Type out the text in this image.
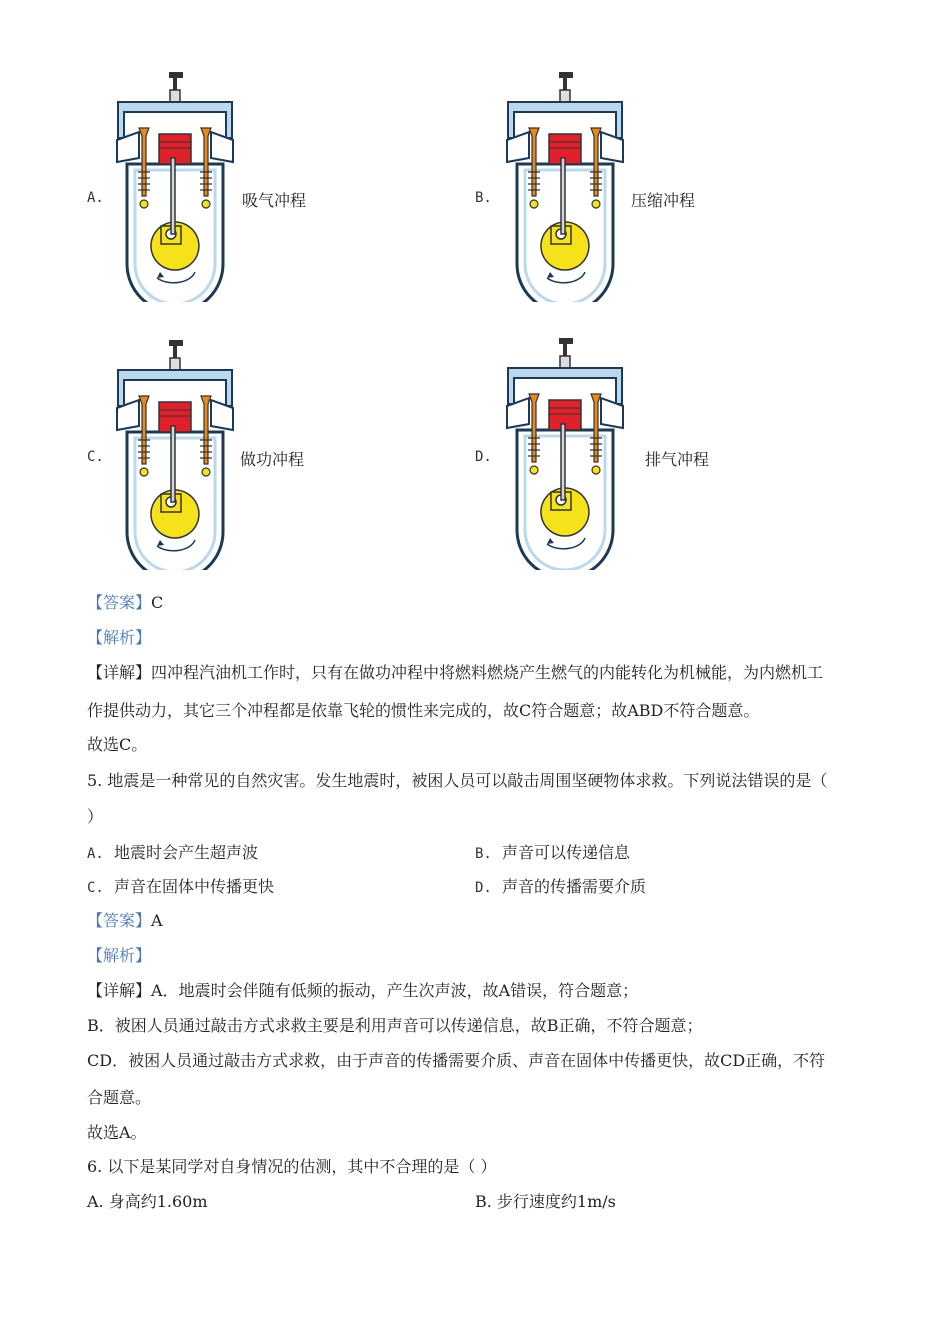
A.	吸气冲程	B.	压缩冲程
C.	做功冲程	D.	排气冲程
【答案】C
【解析】
【详解】四冲程汽油机工作时，只有在做功冲程中将燃料燃烧产生燃气的内能转化为机械能，为内燃机工
作提供动力，其它三个冲程都是依靠飞轮的惯性来完成的，故C符合题意；故ABD不符合题意。
故选C。
5. 地震是一种常见的自然灾害。发生地震时，被困人员可以敲击周围坚硬物体求救。下列说法错误的是（
）
A. 地震时会产生超声波	B. 声音可以传递信息
C. 声音在固体中传播更快	D. 声音的传播需要介质
【答案】A
【解析】
【详解】A．地震时会伴随有低频的振动，产生次声波，故A错误，符合题意；
B．被困人员通过敲击方式求救主要是利用声音可以传递信息，故B正确，不符合题意；
CD．被困人员通过敲击方式求救，由于声音的传播需要介质、声音在固体中传播更快，故CD正确，不符
合题意。
故选A。
6. 以下是某同学对自身情况的估测，其中不合理的是（ ）
A. 身高约1.60m	B. 步行速度约1m/s
